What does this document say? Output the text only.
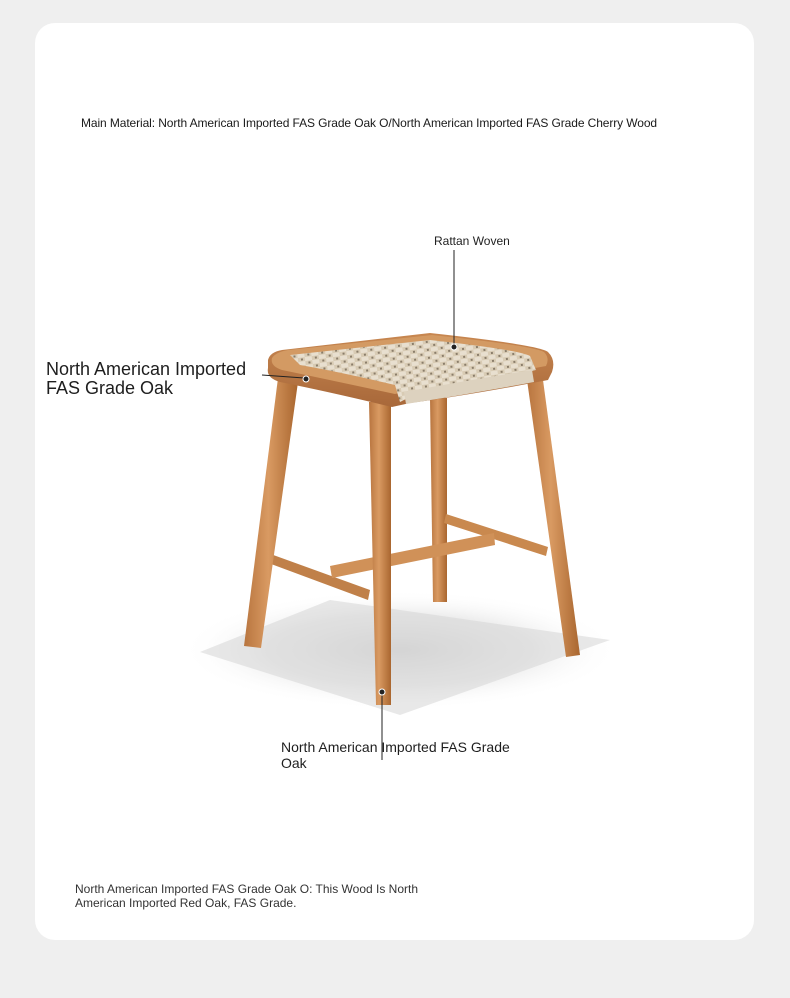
Main Material: North American Imported FAS Grade Oak O/North American Imported FAS Grade Cherry Wood
Rattan Woven
North American Imported FAS Grade Oak
North American Imported FAS Grade Oak
North American Imported FAS Grade Oak O: This Wood Is North American Imported Red Oak, FAS Grade.
